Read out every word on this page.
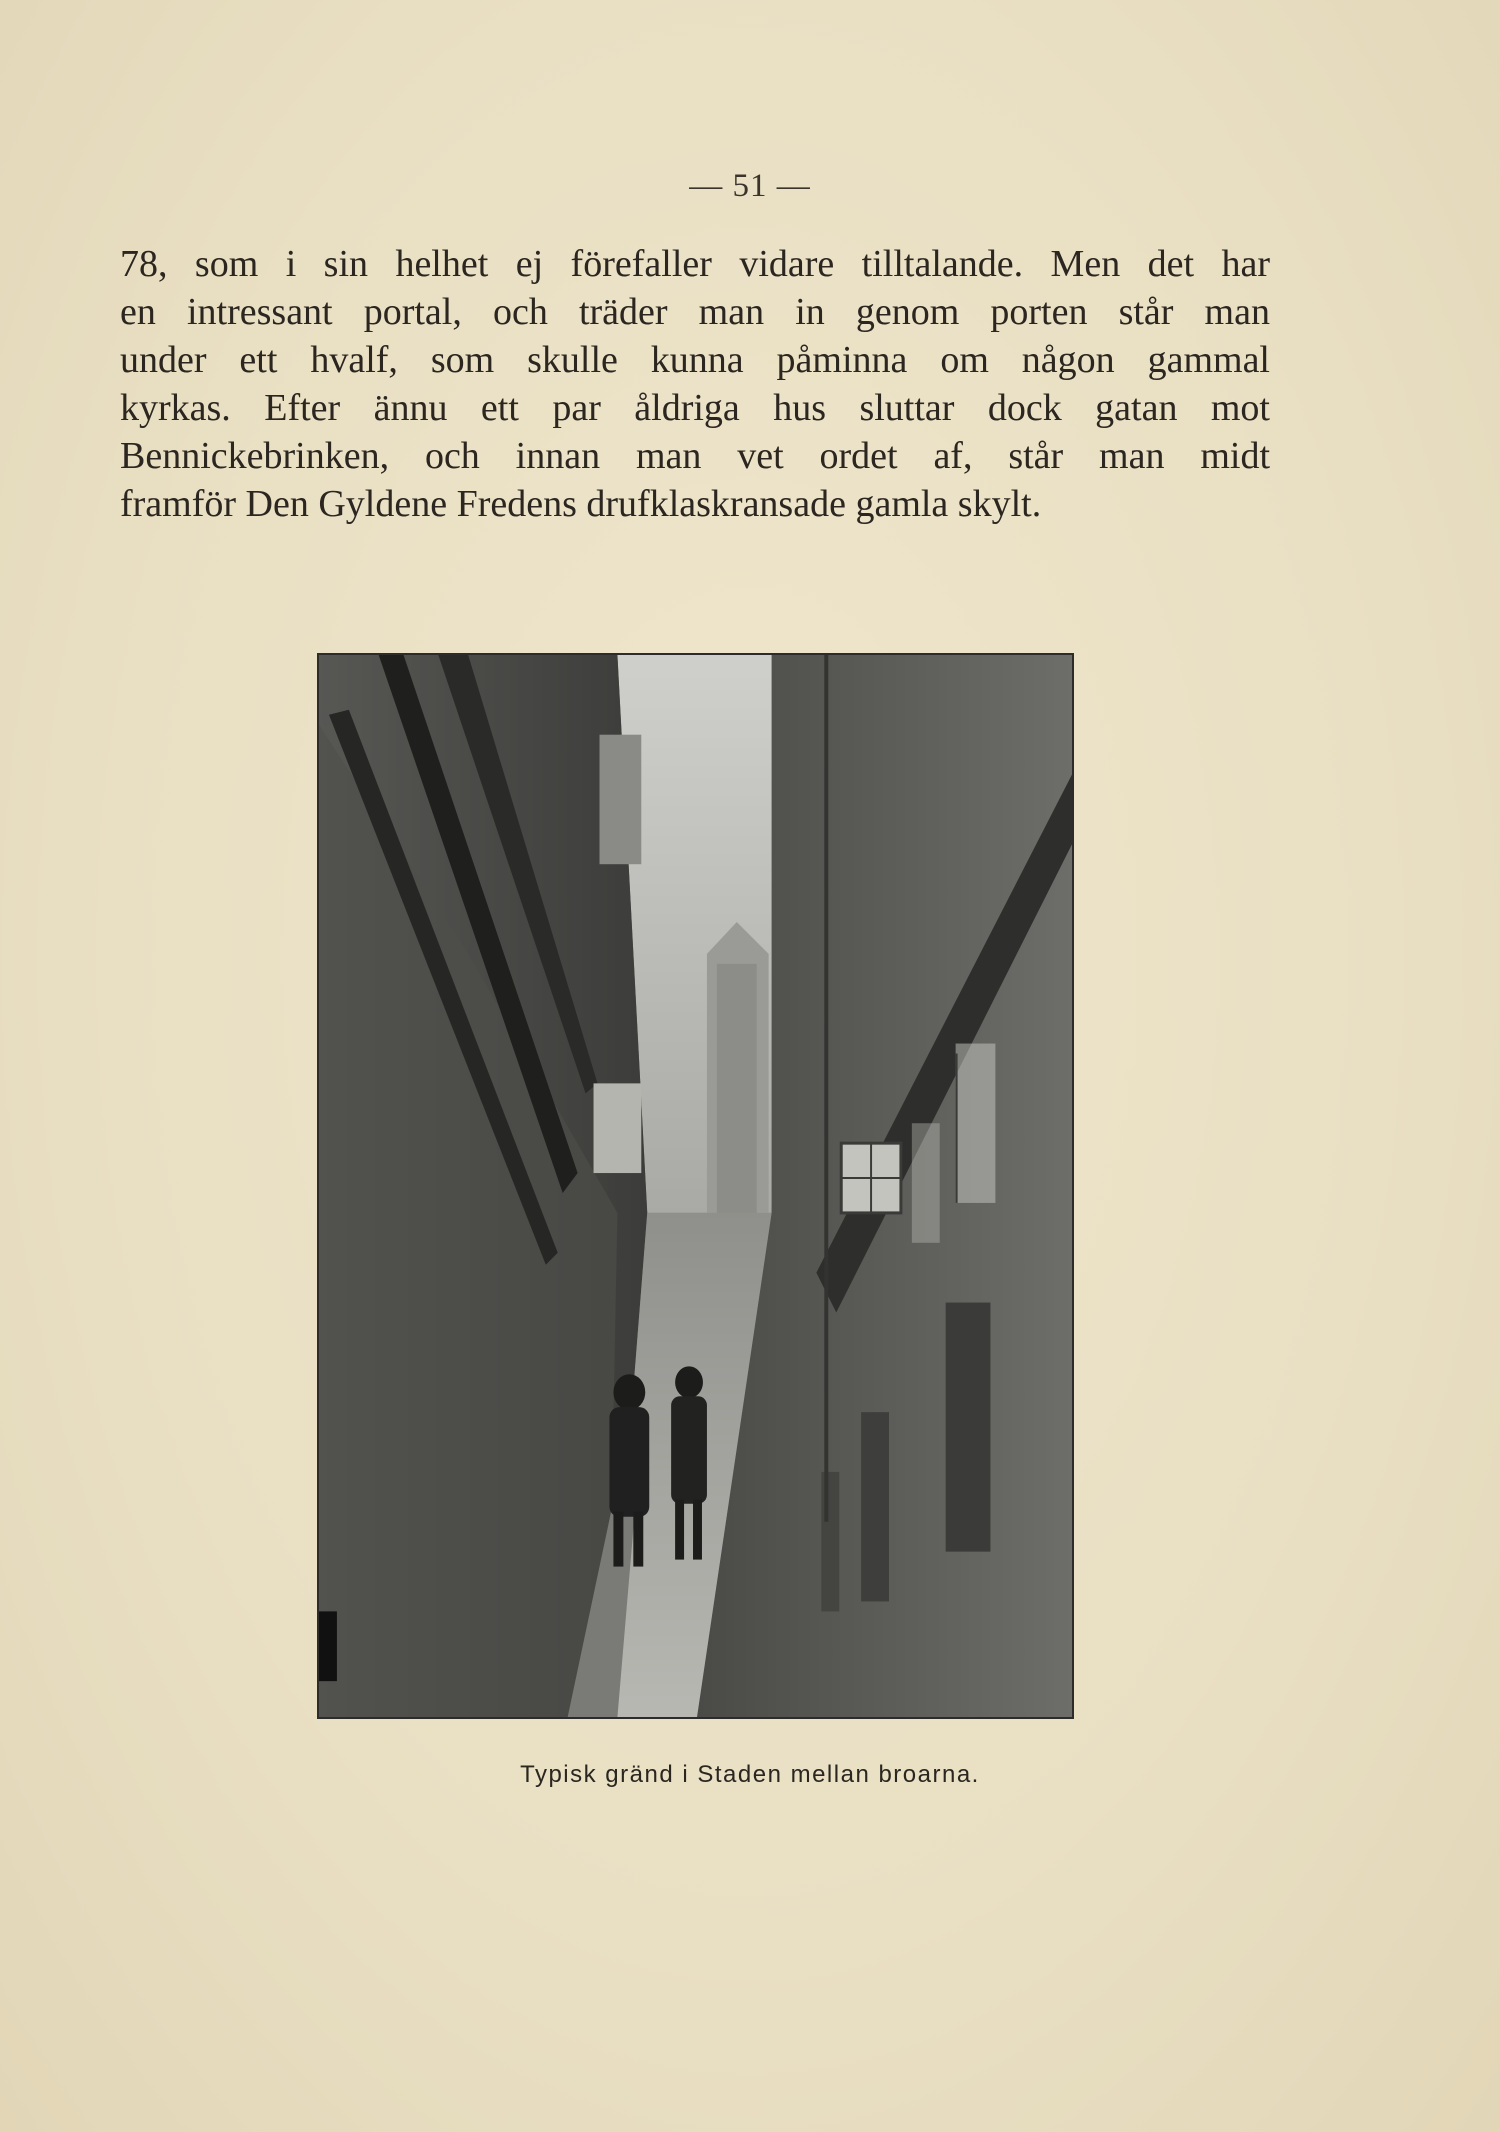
— 51 —
78, som i sin helhet ej förefaller vidare tilltalande. Men det har
en intressant portal, och träder man in genom porten står man
under ett hvalf, som skulle kunna påminna om någon gammal
kyrkas. Efter ännu ett par åldriga hus sluttar dock gatan mot
Bennickebrinken, och innan man vet ordet af, står man midt
framför Den Gyldene Fredens drufklaskransade gamla skylt.
Typisk gränd i Staden mellan broarna.
